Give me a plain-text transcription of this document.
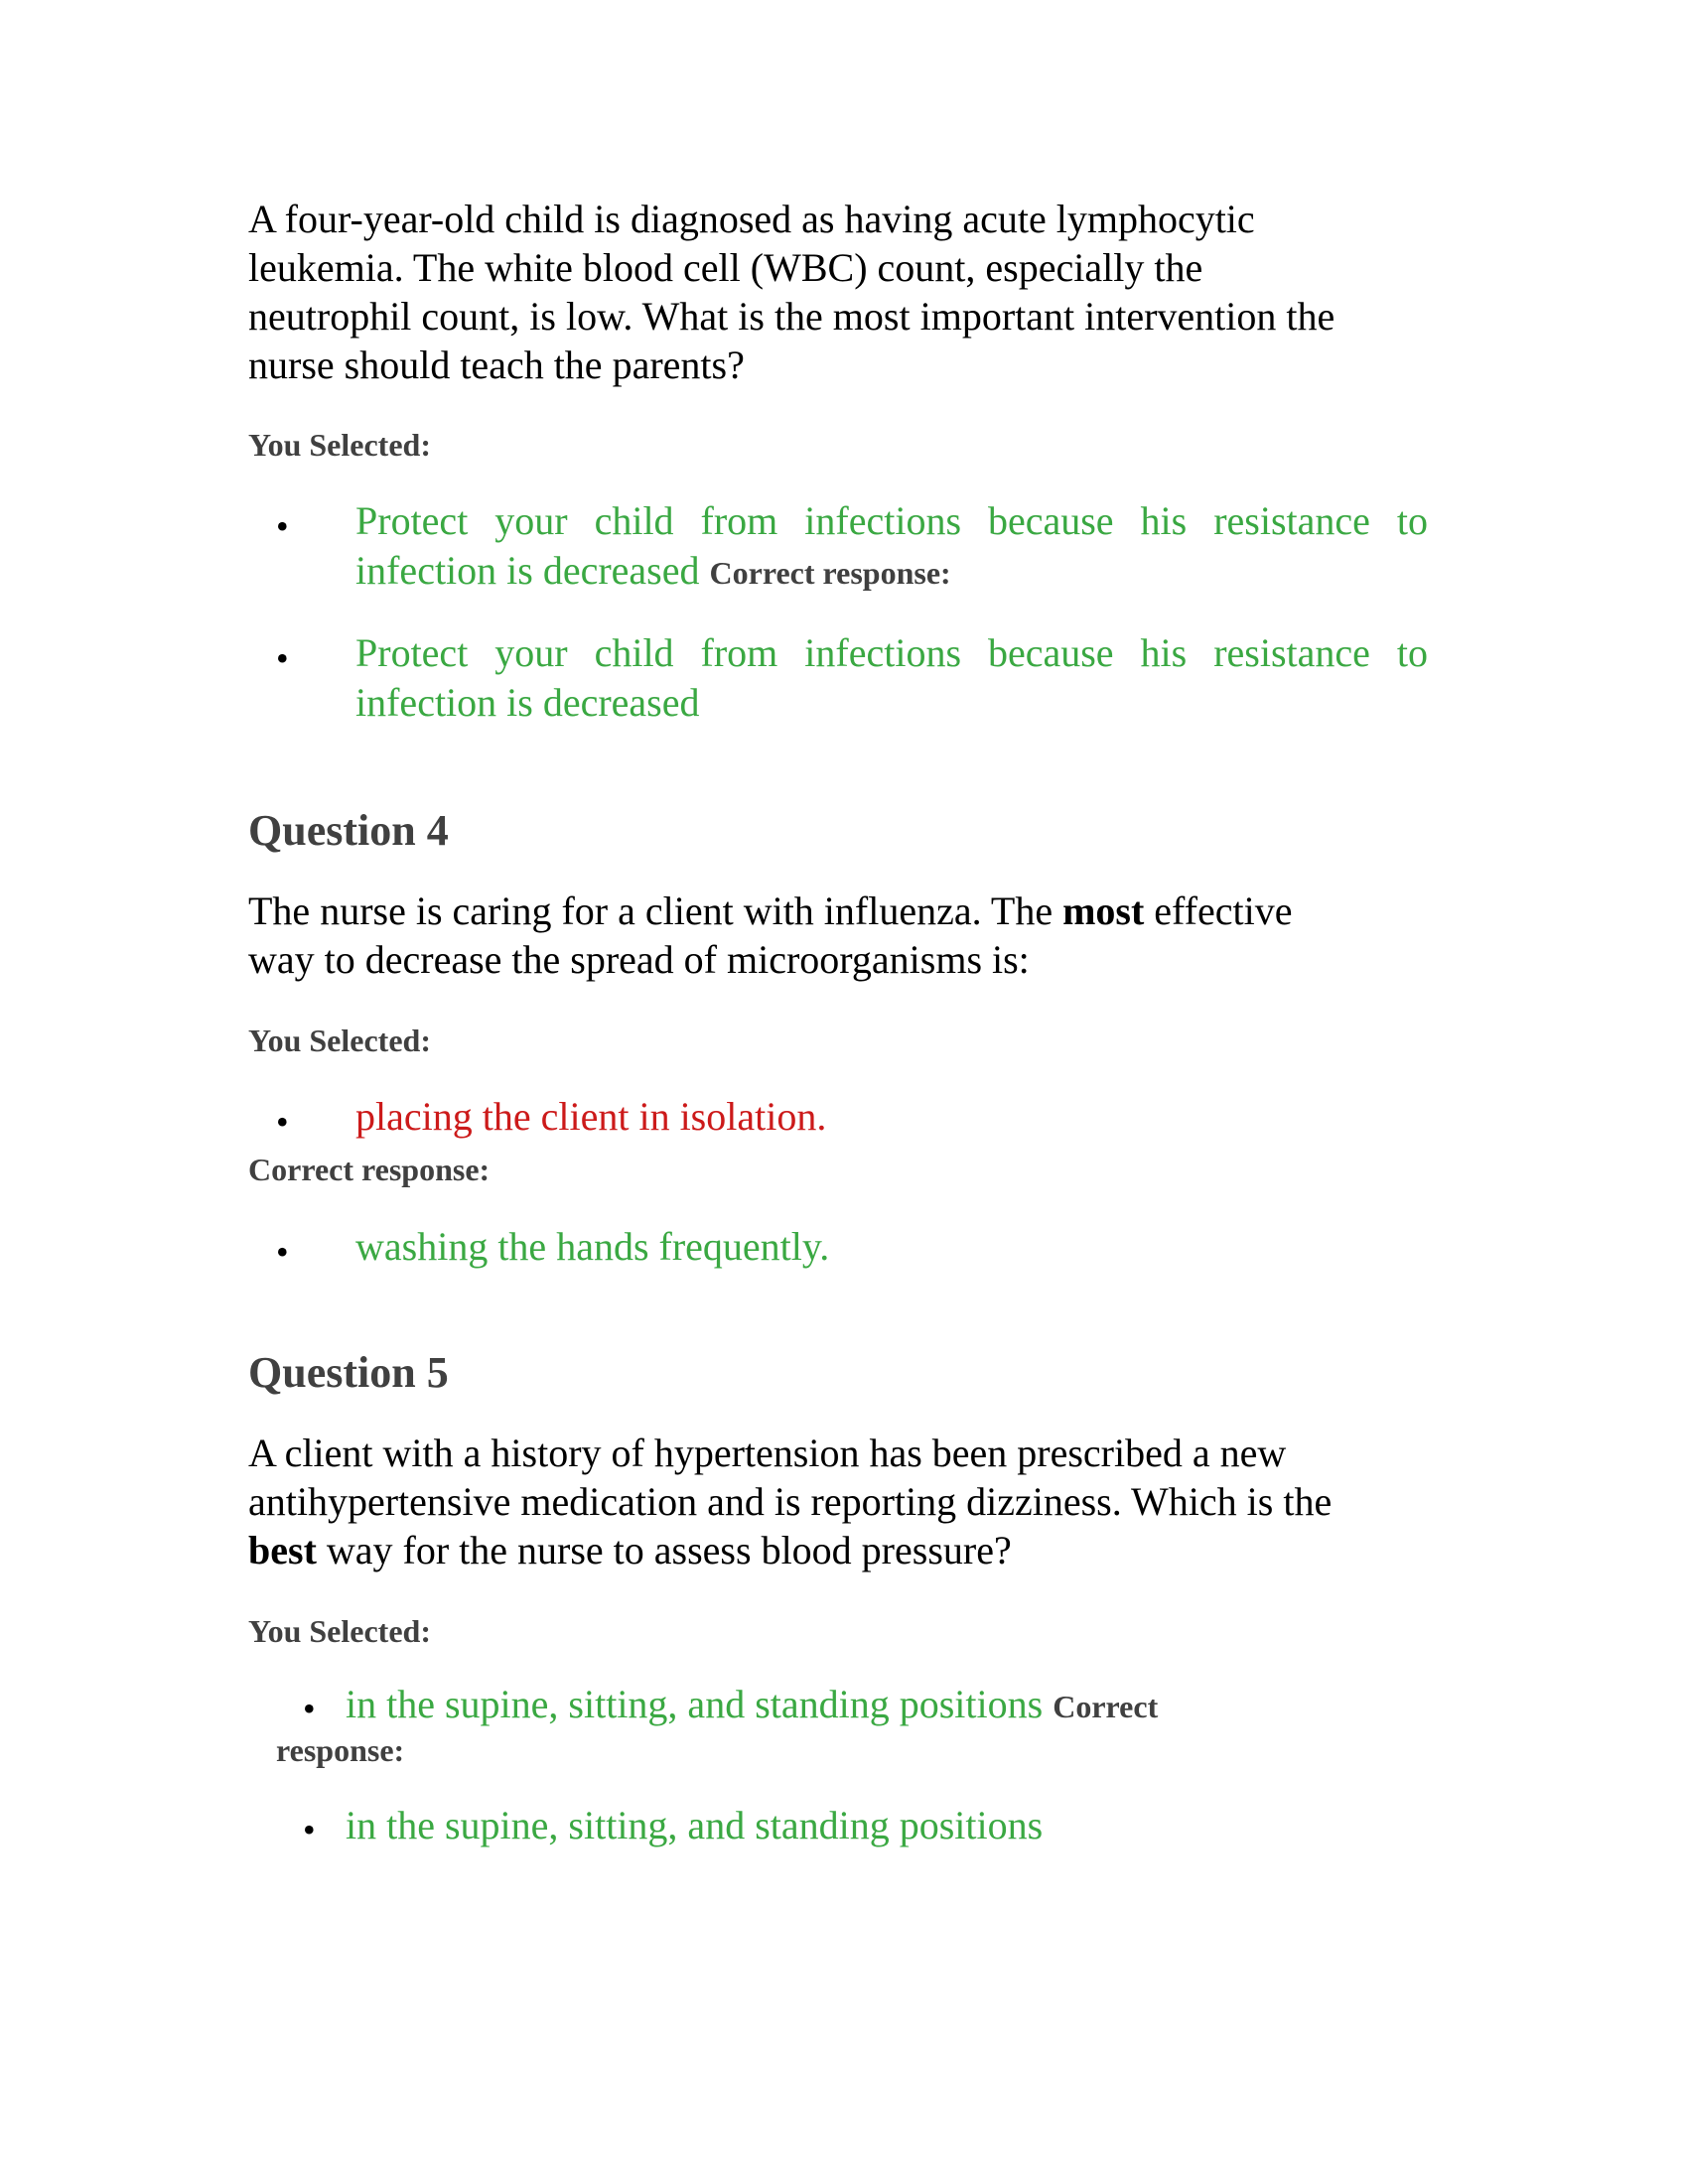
A four-year-old child is diagnosed as having acute lymphocytic
leukemia. The white blood cell (WBC) count, especially the
neutrophil count, is low. What is the most important intervention the
nurse should teach the parents?
You Selected:
• Protect your child from infections because his resistance to
infection is decreased Correct response:
• Protect your child from infections because his resistance to
infection is decreased
Question 4
The nurse is caring for a client with influenza. The most effective
way to decrease the spread of microorganisms is:
You Selected:
• placing the client in isolation.
Correct response:
• washing the hands frequently.
Question 5
A client with a history of hypertension has been prescribed a new
antihypertensive medication and is reporting dizziness. Which is the
best way for the nurse to assess blood pressure?
You Selected:
• in the supine, sitting, and standing positions Correct
response:
• in the supine, sitting, and standing positions
